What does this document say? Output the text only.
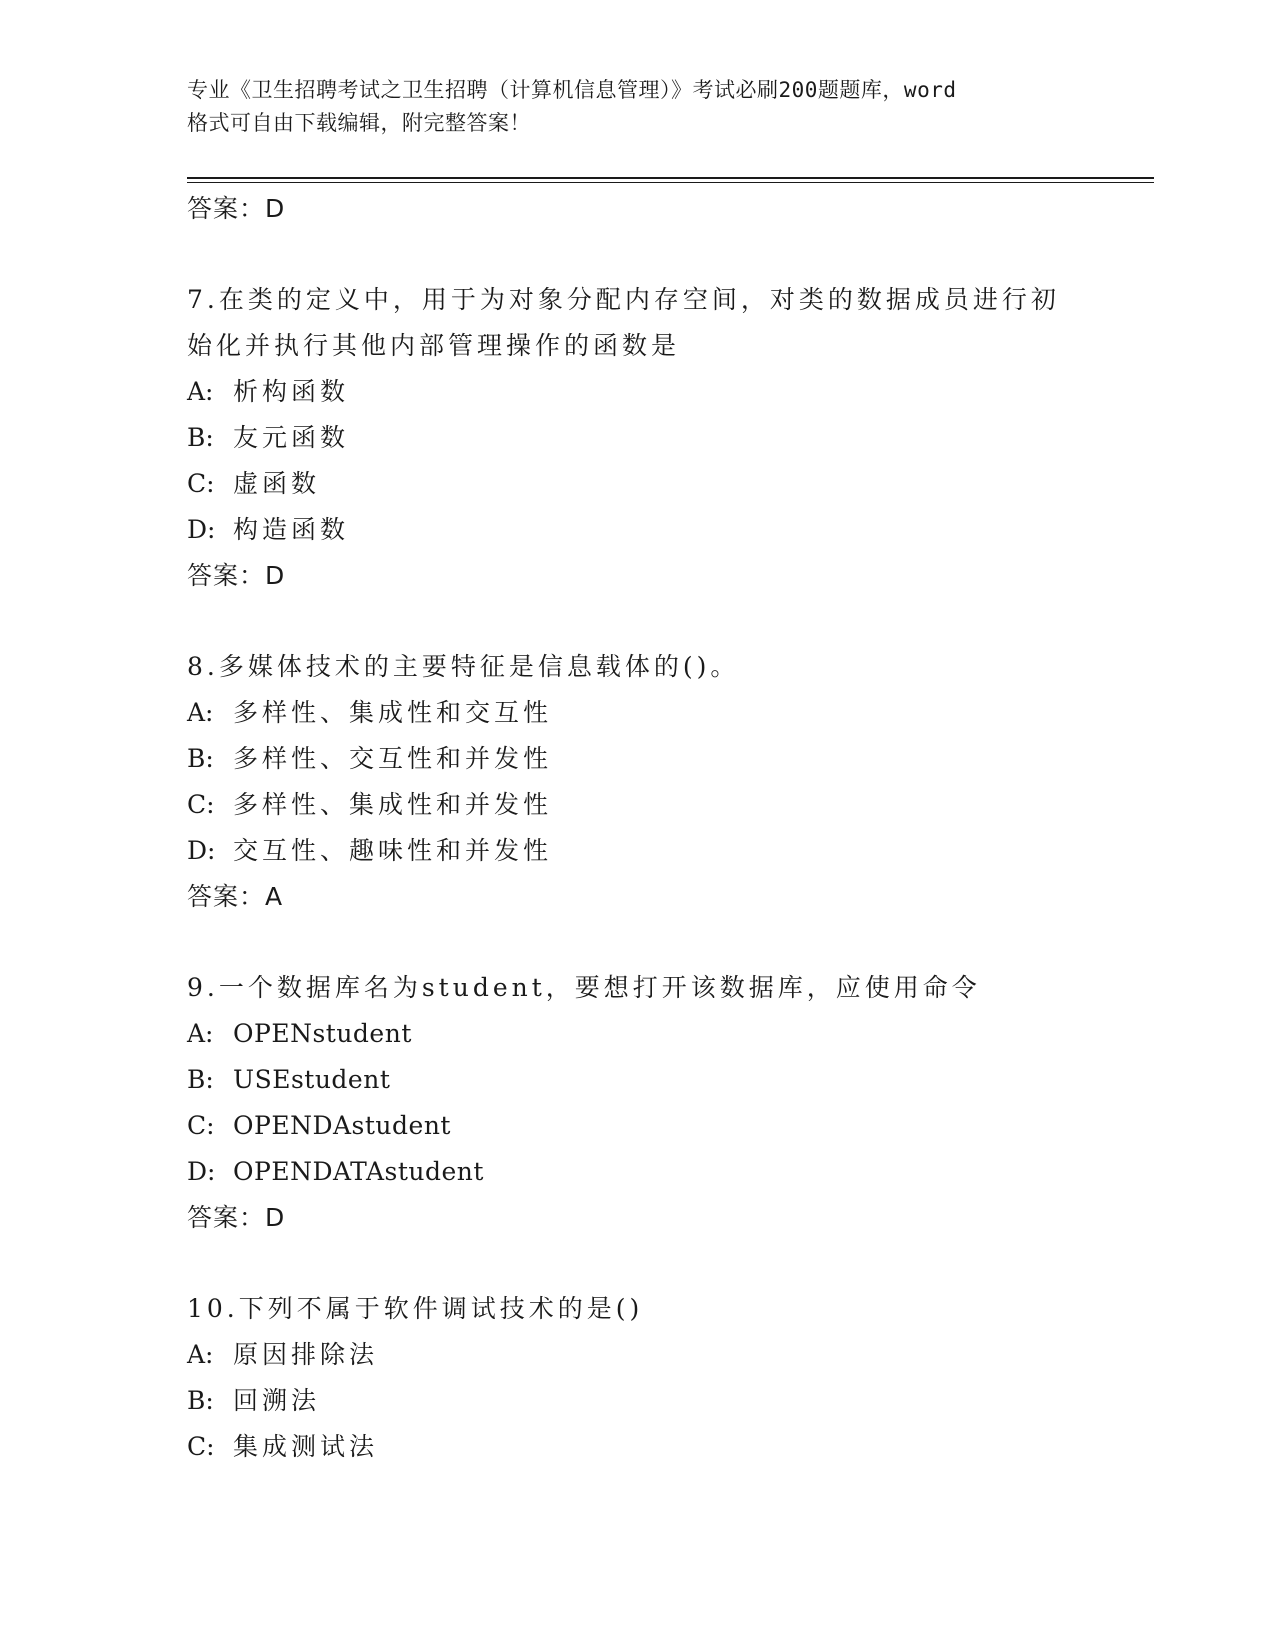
专业《卫生招聘考试之卫生招聘（计算机信息管理）》考试必刷200题题库，word
格式可自由下载编辑，附完整答案！
答案：D
7.在类的定义中，用于为对象分配内存空间，对类的数据成员进行初
始化并执行其他内部管理操作的函数是
A: 析构函数
B: 友元函数
C: 虚函数
D: 构造函数
答案：D
8.多媒体技术的主要特征是信息载体的()。
A: 多样性、集成性和交互性
B: 多样性、交互性和并发性
C: 多样性、集成性和并发性
D: 交互性、趣味性和并发性
答案：A
9.一个数据库名为student，要想打开该数据库，应使用命令
A: OPENstudent
B: USEstudent
C: OPENDAstudent
D: OPENDATAstudent
答案：D
10.下列不属于软件调试技术的是()
A: 原因排除法
B: 回溯法
C: 集成测试法
